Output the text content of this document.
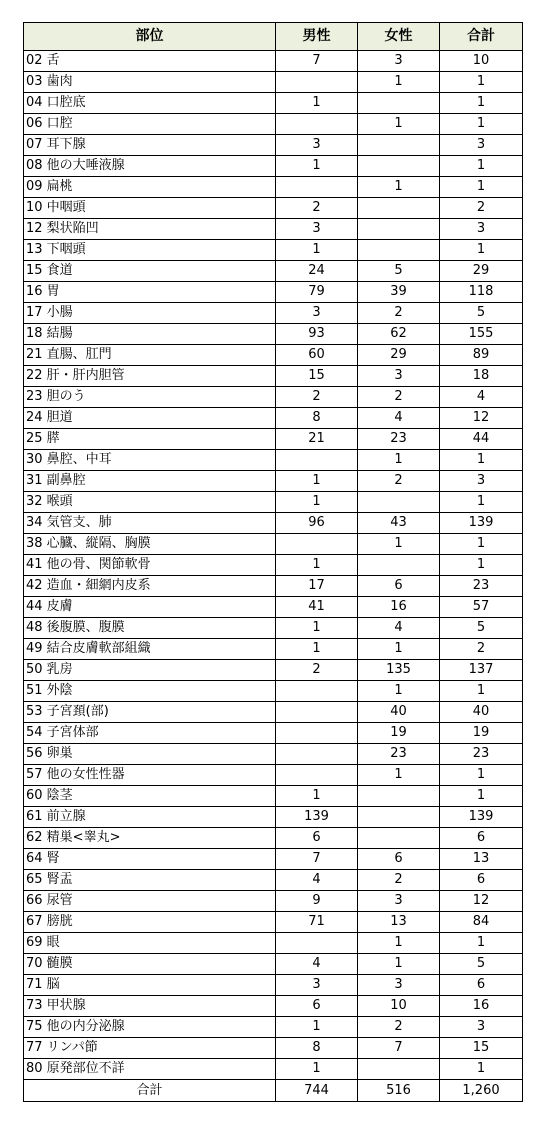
部位	男性	女性	合計
02 舌	7	3	10
03 歯肉		1	1
04 口腔底	1		1
06 口腔		1	1
07 耳下腺	3		3
08 他の大唾液腺	1		1
09 扁桃		1	1
10 中咽頭	2		2
12 梨状陥凹	3		3
13 下咽頭	1		1
15 食道	24	5	29
16 胃	79	39	118
17 小腸	3	2	5
18 結腸	93	62	155
21 直腸、肛門	60	29	89
22 肝・肝内胆管	15	3	18
23 胆のう	2	2	4
24 胆道	8	4	12
25 膵	21	23	44
30 鼻腔、中耳		1	1
31 副鼻腔	1	2	3
32 喉頭	1		1
34 気管支、肺	96	43	139
38 心臓、縦隔、胸膜		1	1
41 他の骨、関節軟骨	1		1
42 造血・細網内皮系	17	6	23
44 皮膚	41	16	57
48 後腹膜、腹膜	1	4	5
49 結合皮膚軟部組織	1	1	2
50 乳房	2	135	137
51 外陰		1	1
53 子宮頚(部)		40	40
54 子宮体部		19	19
56 卵巣		23	23
57 他の女性性器		1	1
60 陰茎	1		1
61 前立腺	139		139
62 精巣<睾丸>	6		6
64 腎	7	6	13
65 腎盂	4	2	6
66 尿管	9	3	12
67 膀胱	71	13	84
69 眼		1	1
70 髄膜	4	1	5
71 脳	3	3	6
73 甲状腺	6	10	16
75 他の内分泌腺	1	2	3
77 リンパ節	8	7	15
80 原発部位不詳	1		1
合計	744	516	1,260
